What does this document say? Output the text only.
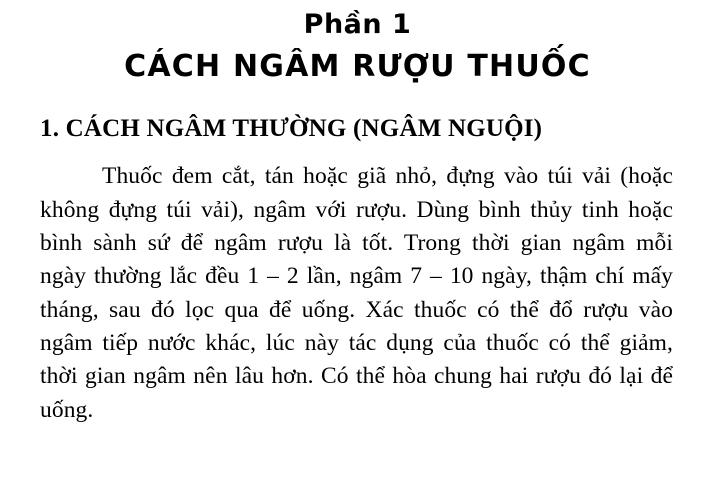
Phần 1
CÁCH NGÂM RƯỢU THUỐC
1. CÁCH NGÂM THƯỜNG (NGÂM NGUỘI)

Thuốc đem cắt, tán hoặc giã nhỏ, đựng vào túi vải (hoặc không đựng túi vải), ngâm với rượu. Dùng bình thủy tinh hoặc bình sành sứ để ngâm rượu là tốt. Trong thời gian ngâm mỗi ngày thường lắc đều 1 – 2 lần, ngâm 7 – 10 ngày, thậm chí mấy tháng, sau đó lọc qua để uống. Xác thuốc có thể đổ rượu vào ngâm tiếp nước khác, lúc này tác dụng của thuốc có thể giảm, thời gian ngâm nên lâu hơn. Có thể hòa chung hai rượu đó lại để uống.
